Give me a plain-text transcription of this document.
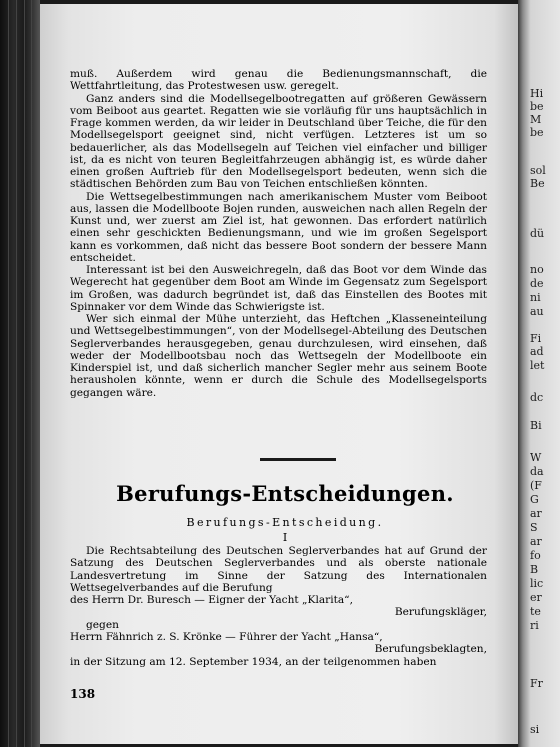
muß. Außerdem wird genau die Bedienungsmannschaft, die Wettfahrtleitung, das Protestwesen usw. geregelt.

Ganz anders sind die Modellsegelbootregatten auf größeren Gewässern vom Beiboot aus geartet. Regatten wie sie vorläufig für uns hauptsächlich in Frage kommen werden, da wir leider in Deutschland über Teiche, die für den Modellsegelsport geeignet sind, nicht verfügen. Letzteres ist um so bedauerlicher, als das Modellsegeln auf Teichen viel einfacher und billiger ist, da es nicht von teuren Begleitfahrzeugen abhängig ist, es würde daher einen großen Auftrieb für den Modellsegelsport bedeuten, wenn sich die städtischen Behörden zum Bau von Teichen entschließen könnten.

Die Wettsegelbestimmungen nach amerikanischem Muster vom Beiboot aus, lassen die Modellboote Bojen runden, ausweichen nach allen Regeln der Kunst und, wer zuerst am Ziel ist, hat gewonnen. Das erfordert natürlich einen sehr geschickten Bedienungsmann, und wie im großen Segelsport kann es vorkommen, daß nicht das bessere Boot sondern der bessere Mann entscheidet.

Interessant ist bei den Ausweichregeln, daß das Boot vor dem Winde das Wegerecht hat gegenüber dem Boot am Winde im Gegensatz zum Segelsport im Großen, was dadurch begründet ist, daß das Einstellen des Bootes mit Spinnaker vor dem Winde das Schwierigste ist.

Wer sich einmal der Mühe unterzieht, das Heftchen „Klasseneinteilung und Wettsegelbestimmungen“, von der Modellsegel-Abteilung des Deutschen Seglerverbandes herausgegeben, genau durchzulesen, wird einsehen, daß weder der Modellbootsbau noch das Wettsegeln der Modellboote ein Kinderspiel ist, und daß sicherlich mancher Segler mehr aus seinem Boote herausholen könnte, wenn er durch die Schule des Modellsegelsports gegangen wäre.

Berufungs-Entscheidungen.
Berufungs-Entscheidung.
I

Die Rechtsabteilung des Deutschen Seglerverbandes hat auf Grund der Satzung des Deutschen Seglerverbandes und als oberste nationale Landesvertretung im Sinne der Satzung des Internationalen Wettsegelverbandes auf die Berufung

des Herrn Dr. Buresch — Eigner der Yacht „Klarita“,

Berufungskläger,

gegen

Herrn Fähnrich z. S. Krönke — Führer der Yacht „Hansa“,

Berufungsbeklagten,

in der Sitzung am 12. September 1934, an der teilgenommen haben

138
Hi
be
M
be
sol
Be
dü
no
de
ni
au
Fi
ad
let
dc
Bi
W
da
(F
G
ar
S
ar
fo
B
lic
er
te
ri
Fr
si
